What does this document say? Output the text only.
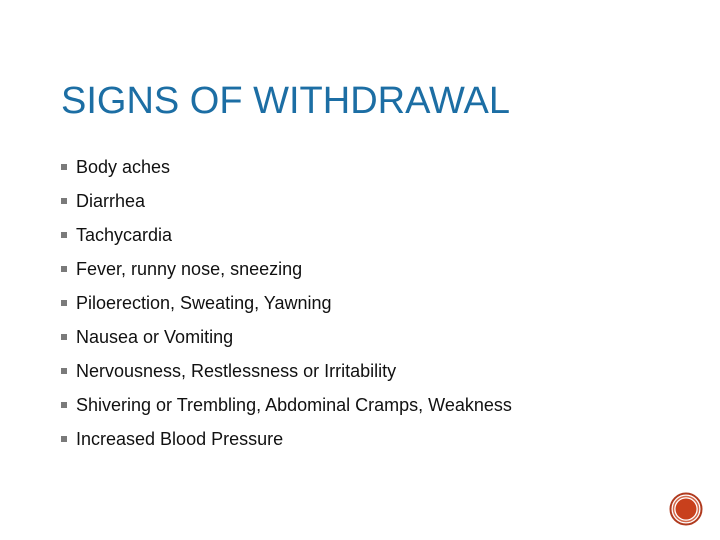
SIGNS OF WITHDRAWAL
Body aches
Diarrhea
Tachycardia
Fever, runny nose, sneezing
Piloerection, Sweating, Yawning
Nausea or Vomiting
Nervousness, Restlessness or Irritability
Shivering or Trembling, Abdominal Cramps, Weakness
Increased Blood Pressure
